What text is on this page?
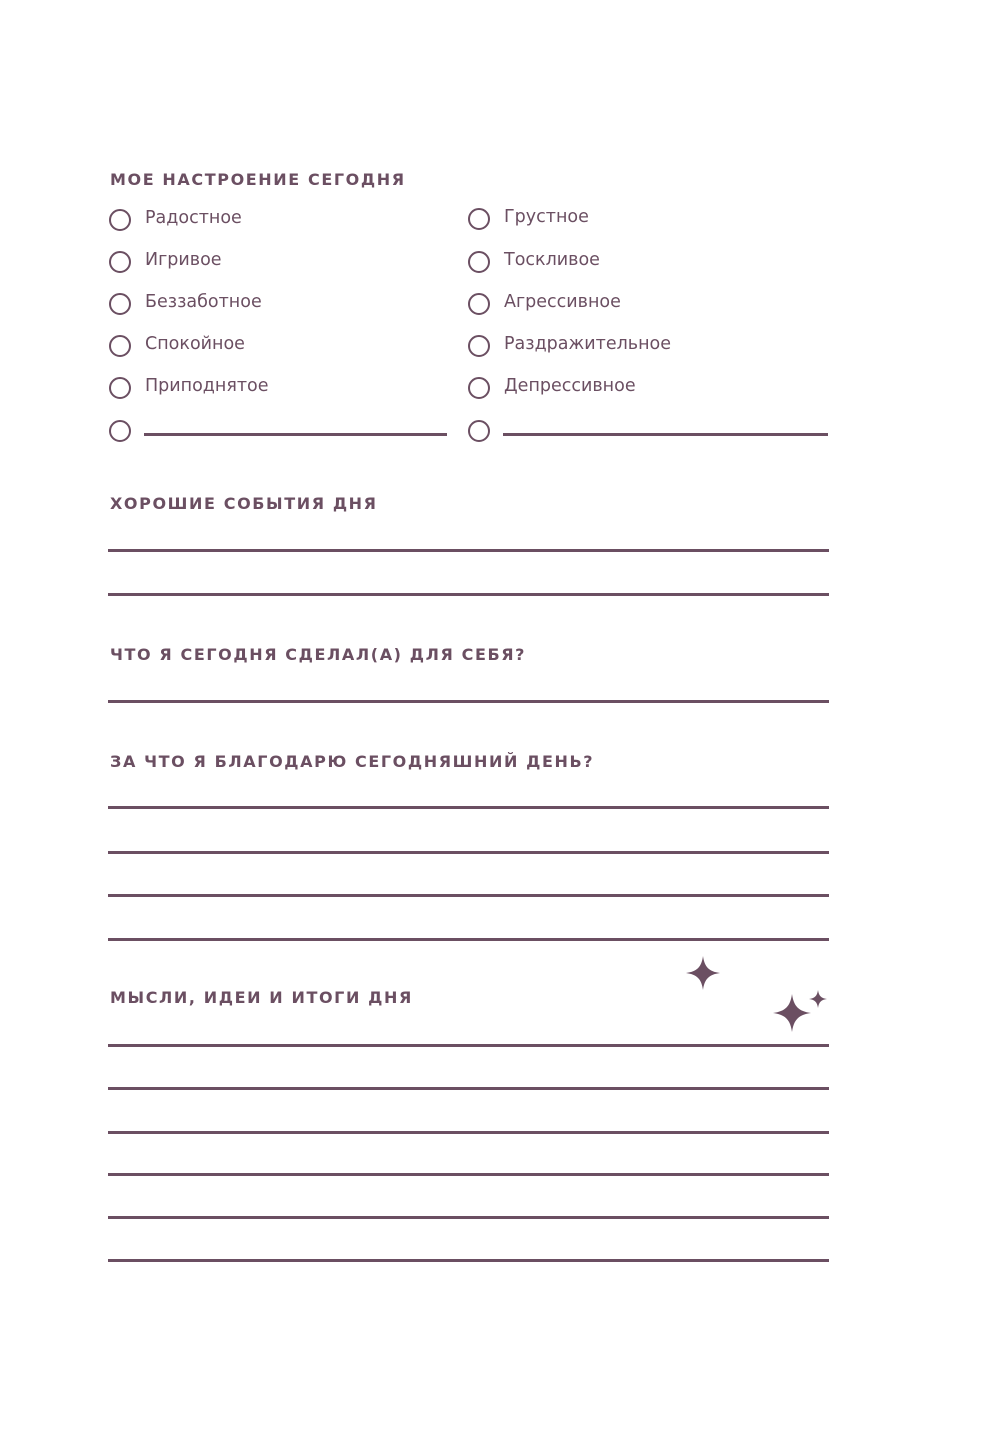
МОЕ НАСТРОЕНИЕ СЕГОДНЯ
Радостное
Игривое
Беззаботное
Спокойное
Приподнятое
Грустное
Тоскливое
Агрессивное
Раздражительное
Депрессивное
ХОРОШИЕ СОБЫТИЯ ДНЯ
ЧТО Я СЕГОДНЯ СДЕЛАЛ(А) ДЛЯ СЕБЯ?
ЗА ЧТО Я БЛАГОДАРЮ СЕГОДНЯШНИЙ ДЕНЬ?
МЫСЛИ, ИДЕИ И ИТОГИ ДНЯ
